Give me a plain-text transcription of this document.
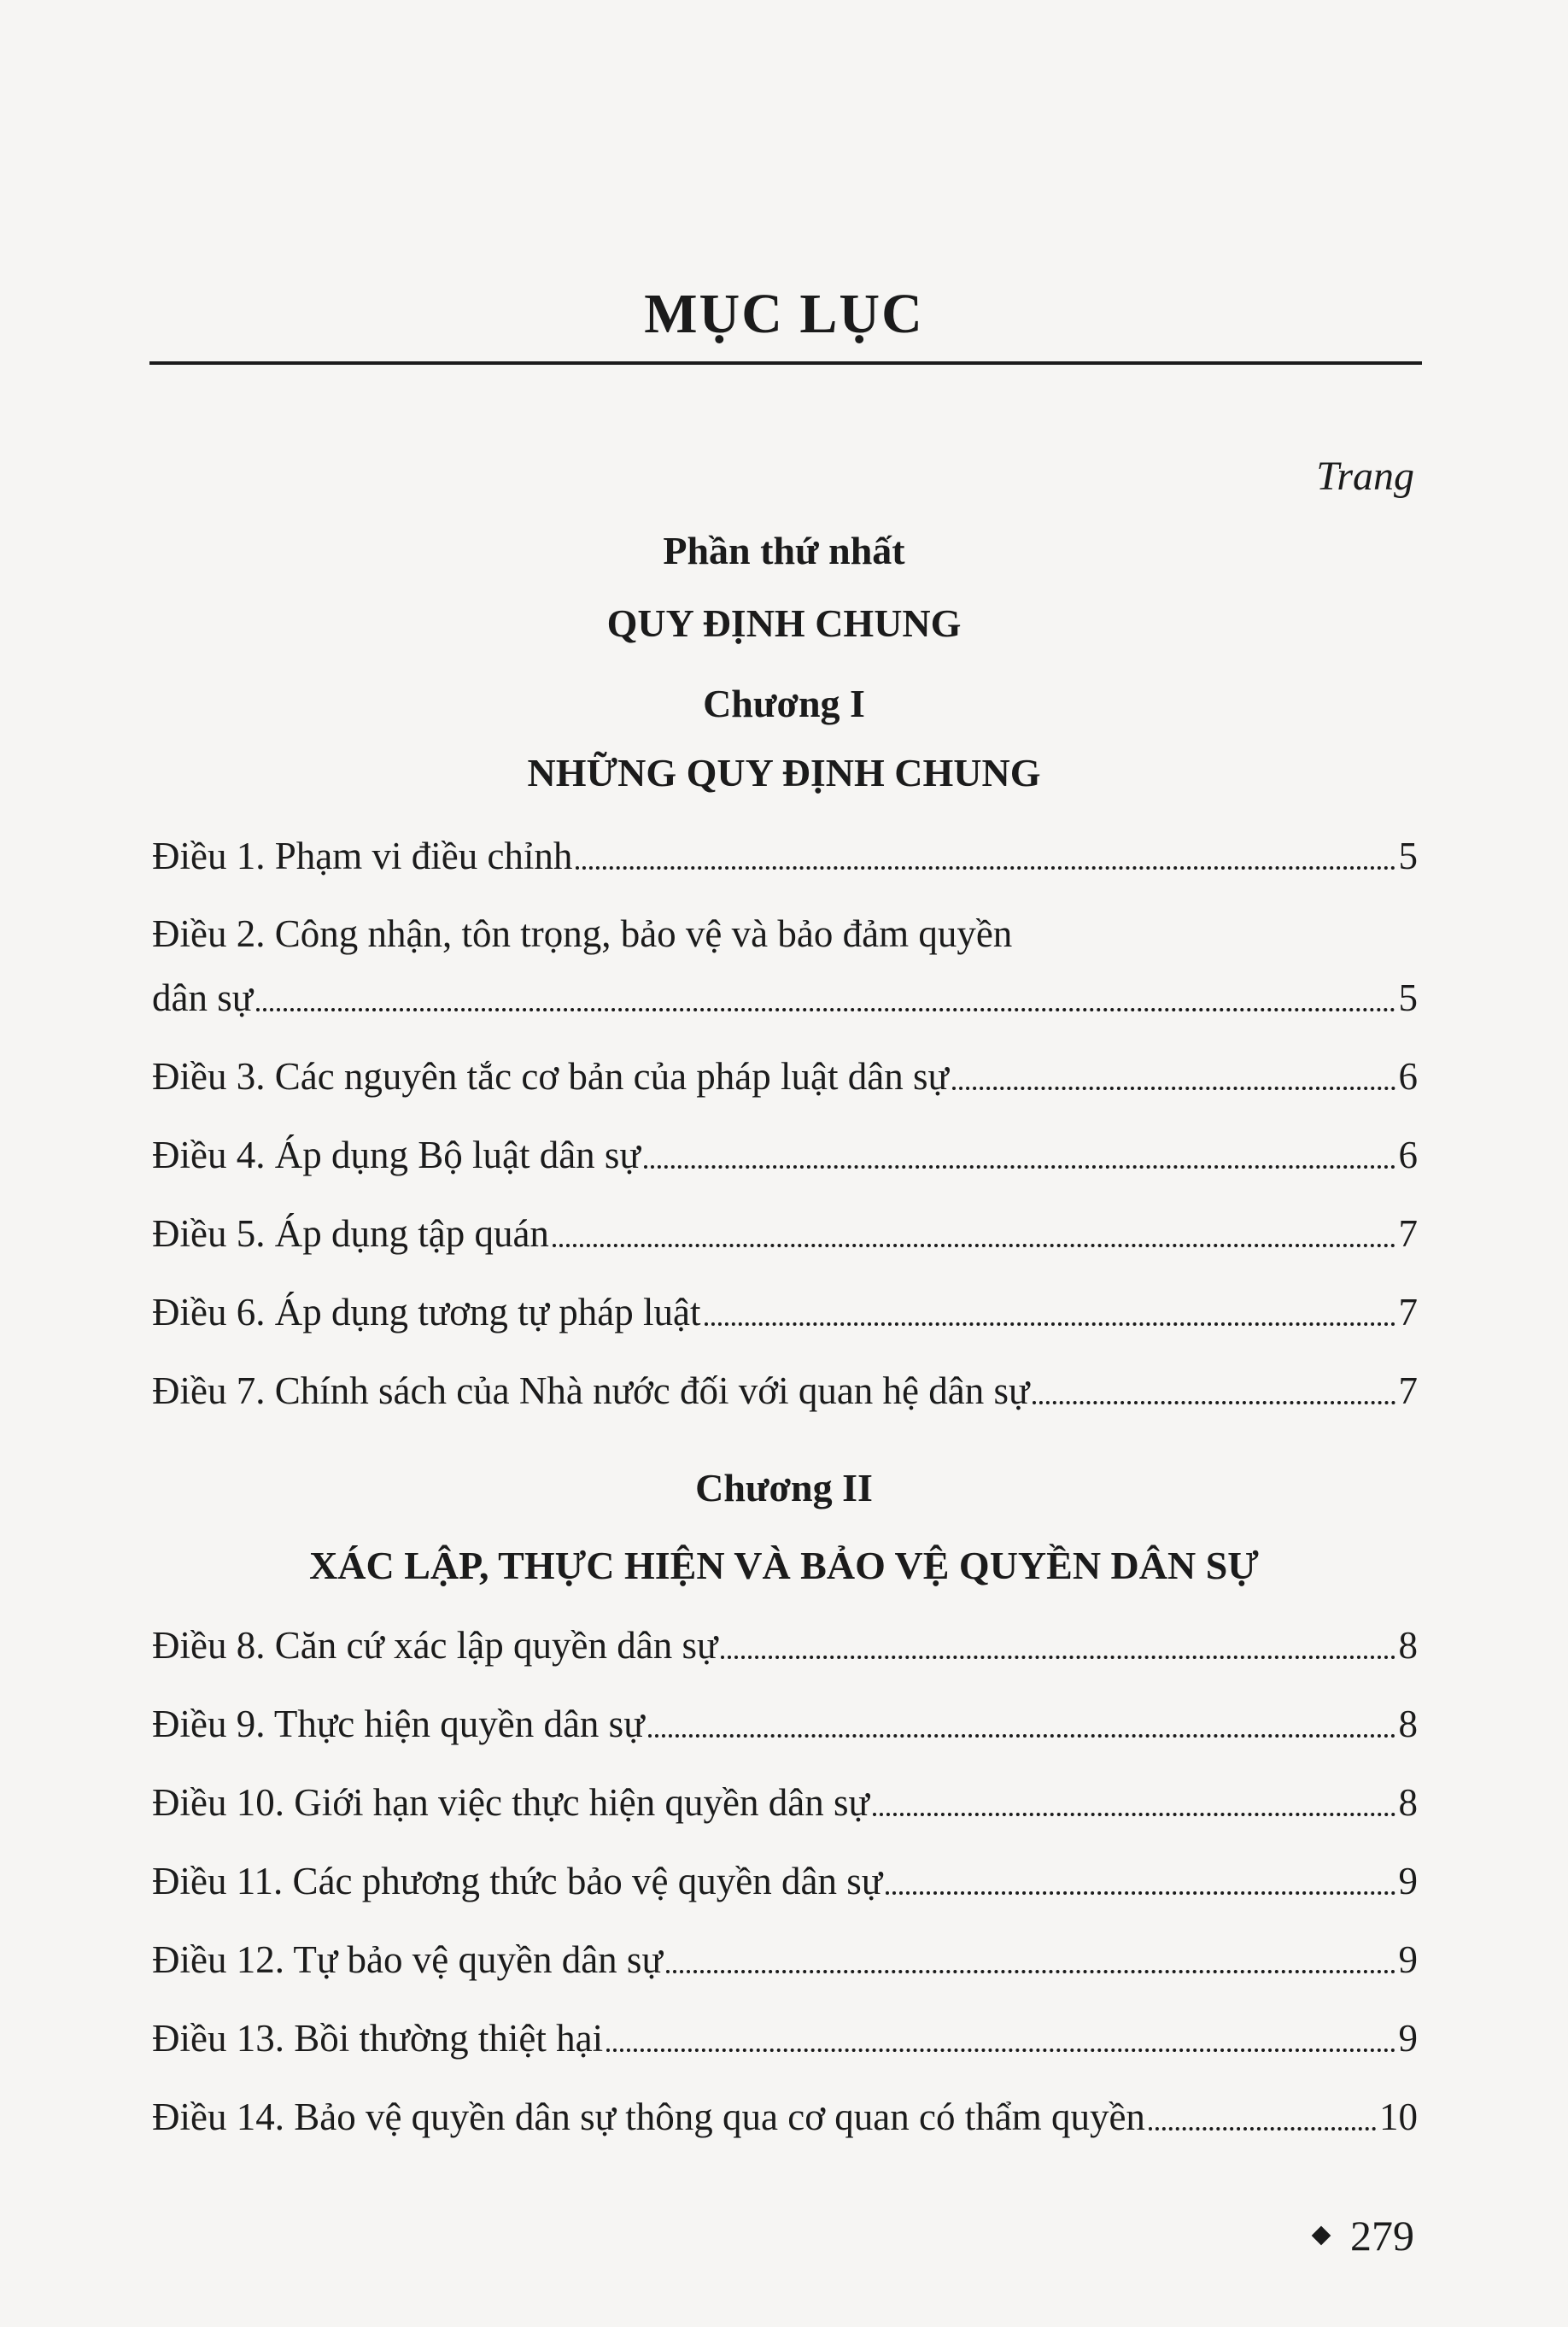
MỤC LỤC
Trang
Phần thứ nhất
QUY ĐỊNH CHUNG
Chương I
NHỮNG QUY ĐỊNH CHUNG
Điều 1. Phạm vi điều chỉnh	5
Điều 2. Công nhận, tôn trọng, bảo vệ và bảo đảm quyền
dân sự	5
Điều 3. Các nguyên tắc cơ bản của pháp luật dân sự	6
Điều 4. Áp dụng Bộ luật dân sự	6
Điều 5. Áp dụng tập quán	7
Điều 6. Áp dụng tương tự pháp luật	7
Điều 7. Chính sách của Nhà nước đối với quan hệ dân sự	7
Chương II
XÁC LẬP, THỰC HIỆN VÀ BẢO VỆ QUYỀN DÂN SỰ
Điều 8. Căn cứ xác lập quyền dân sự	8
Điều 9. Thực hiện quyền dân sự	8
Điều 10. Giới hạn việc thực hiện quyền dân sự	8
Điều 11. Các phương thức bảo vệ quyền dân sự	9
Điều 12. Tự bảo vệ quyền dân sự	9
Điều 13. Bồi thường thiệt hại	9
Điều 14. Bảo vệ quyền dân sự thông qua cơ quan có thẩm quyền	10
279
